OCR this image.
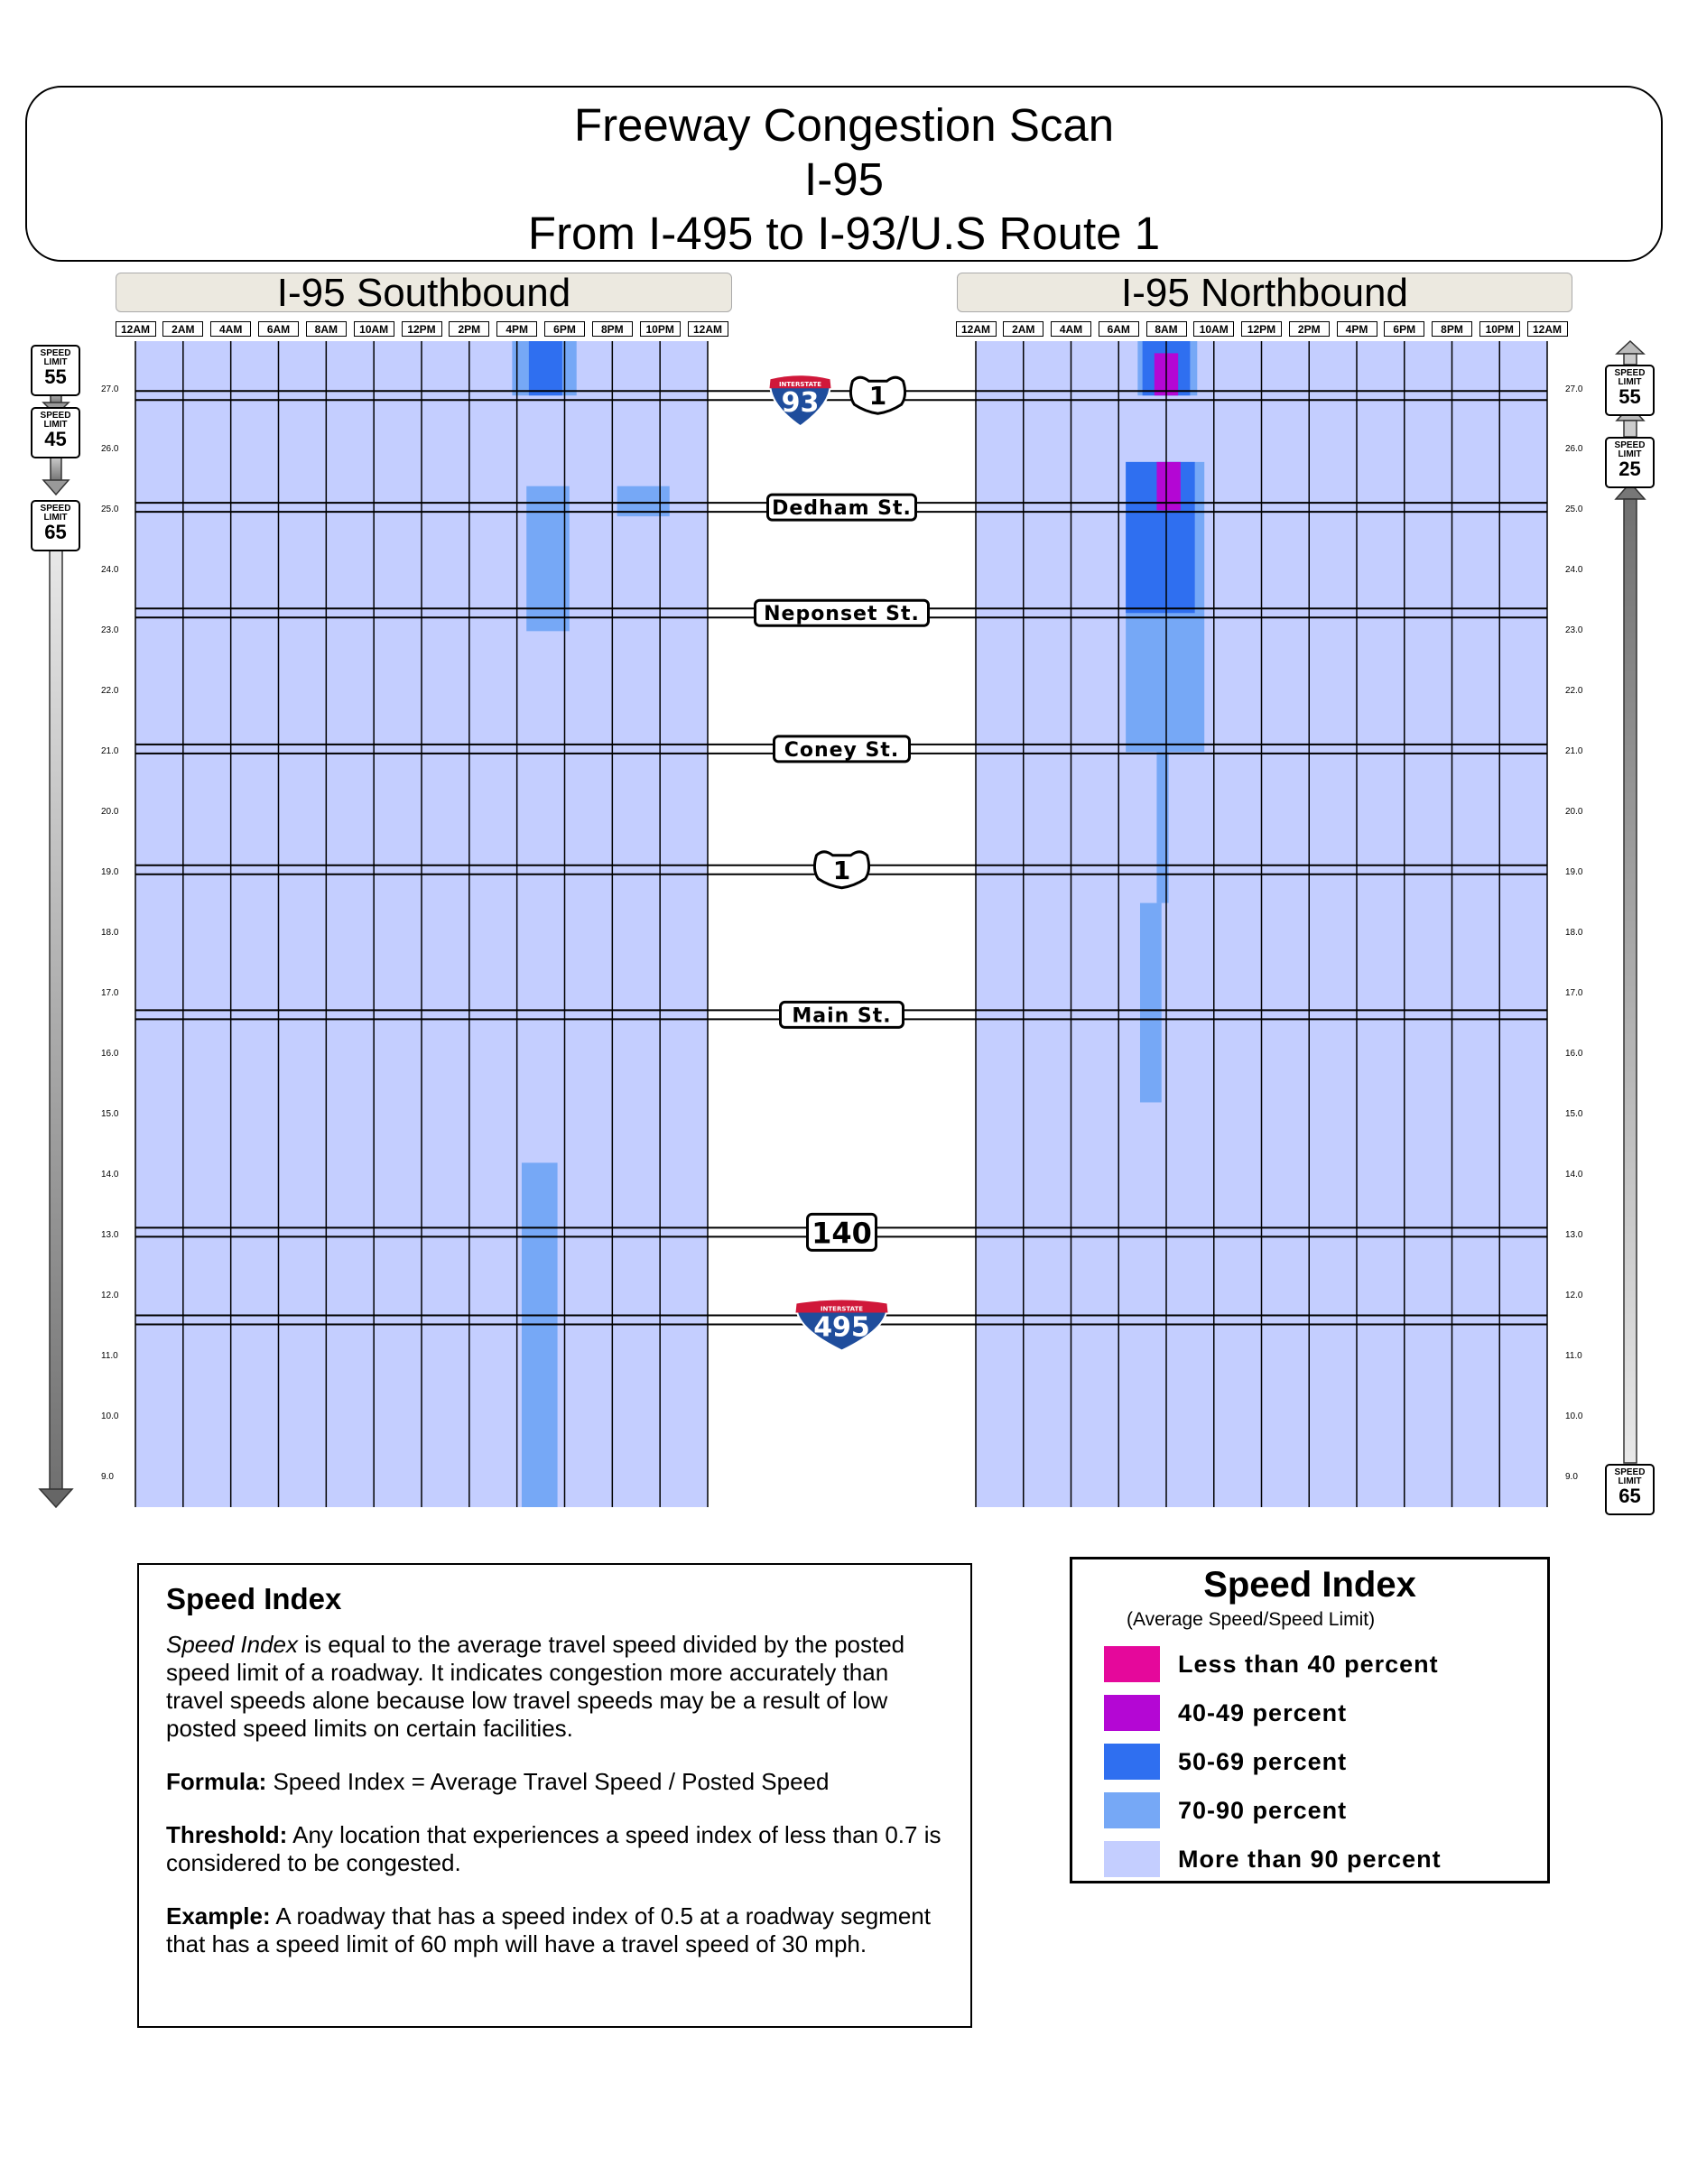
Freeway Congestion Scan
I-95
From I-495 to I-93/U.S Route 1
I-95 Southbound	I-95 Northbound
INTERSTATE
93 1
Dedham St.
Neponset St.
Coney St.
1
Main St.
140
INTERSTATE
495
SPEED LIMIT
55
SPEED LIMIT
45
SPEED LIMIT
65
SPEED LIMIT
55
SPEED LIMIT
25
SPEED LIMIT
65
Speed Index

Speed Index is equal to the average travel speed divided by the posted speed limit of a roadway. It indicates congestion more accurately than travel speeds alone because low travel speeds may be a result of low posted speed limits on certain facilities.

Formula: Speed Index = Average Travel Speed / Posted Speed

Threshold: Any location that experiences a speed index of less than 0.7 is considered to be congested.

Example: A roadway that has a speed index of 0.5 at a roadway segment that has a speed limit of 60 mph will have a travel speed of 30 mph.

Speed Index
(Average Speed/Speed Limit)
Less than 40 percent
40-49 percent
50-69 percent
70-90 percent
More than 90 percent
12AM	2AM	4AM	6AM	8AM	10AM	12PM	2PM	4PM	6PM	8PM	10PM	12AM
27.0
26.0
25.0
24.0
23.0
22.0
21.0
20.0
19.0
18.0
17.0
16.0
15.0
14.0
13.0
12.0
11.0
10.0
9.0
12AM	2AM	4AM	6AM	8AM	10AM	12PM	2PM	4PM	6PM	8PM	10PM	12AM
27.0
26.0
25.0
24.0
23.0
22.0
21.0
20.0
19.0
18.0
17.0
16.0
15.0
14.0
13.0
12.0
11.0
10.0
9.0
